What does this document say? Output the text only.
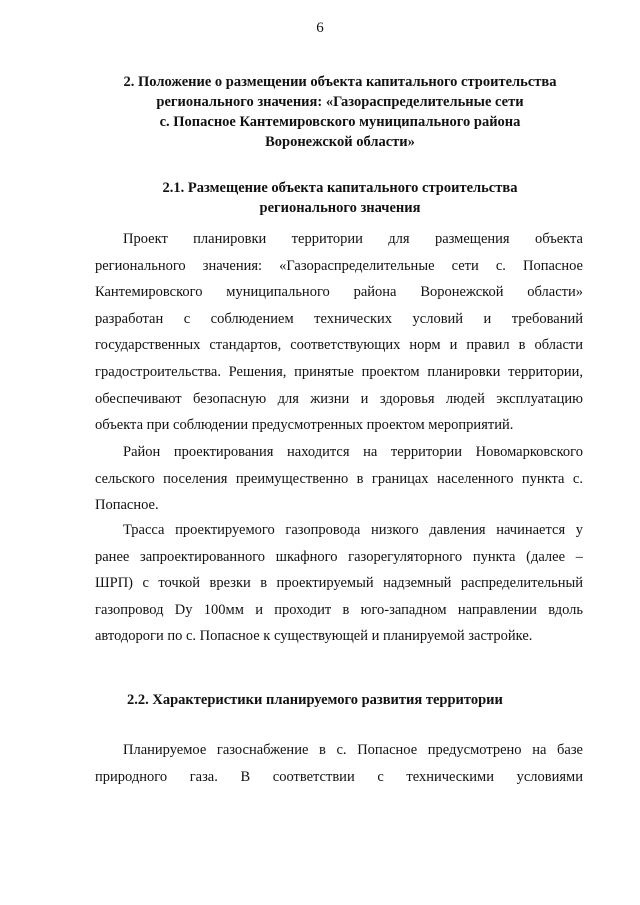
6
2. Положение о размещении объекта капитального строительства
регионального значения: «Газораспределительные сети
с. Попасное Кантемировского муниципального района
Воронежской области»
2.1. Размещение объекта капитального строительства
регионального значения
Проект планировки территории для размещения объекта
регионального значения: «Газораспределительные сети с. Попасное
Кантемировского муниципального района Воронежской области»
разработан с соблюдением технических условий и требований
государственных стандартов, соответствующих норм и правил в области
градостроительства. Решения, принятые проектом планировки территории,
обеспечивают безопасную для жизни и здоровья людей эксплуатацию
объекта при соблюдении предусмотренных проектом мероприятий.
Район проектирования находится на территории Новомарковского
сельского поселения преимущественно в границах населенного пункта с.
Попасное.
Трасса проектируемого газопровода низкого давления начинается у
ранее запроектированного шкафного газорегуляторного пункта (далее –
ШРП) с точкой врезки в проектируемый надземный распределительный
газопровод Dy 100мм и проходит в юго-западном направлении вдоль
автодороги по с. Попасное к существующей и планируемой застройке.
2.2. Характеристики планируемого развития территории
Планируемое газоснабжение в с. Попасное предусмотрено на базе
природного газа. В соответствии с техническими условиями
